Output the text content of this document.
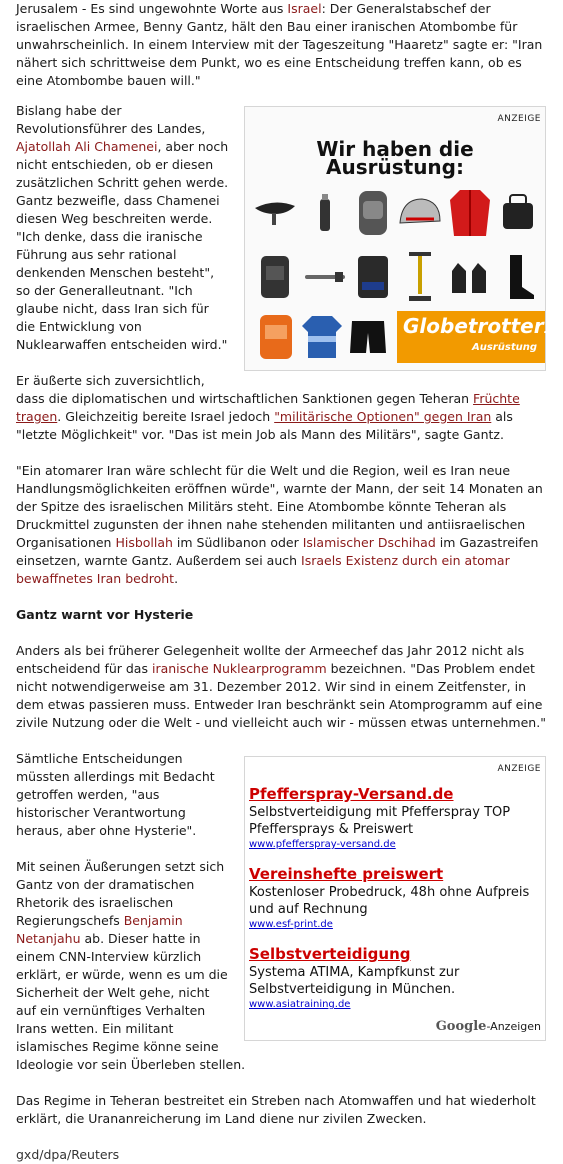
Jerusalem - Es sind ungewohnte Worte aus Israel: Der Generalstabschef der israelischen Armee, Benny Gantz, hält den Bau einer iranischen Atombombe für unwahrscheinlich. In einem Interview mit der Tageszeitung "Haaretz" sagte er: "Iran nähert sich schrittweise dem Punkt, wo es eine Entscheidung treffen kann, ob es eine Atombombe bauen will."

ANZEIGE
Wir haben die Ausrüstung:
Globetrotter.de
Ausrüstung

Bislang habe der Revolutionsführer des Landes, Ajatollah Ali Chamenei, aber noch nicht entschieden, ob er diesen zusätzlichen Schritt gehen werde. Gantz bezweifle, dass Chamenei diesen Weg beschreiten werde. "Ich denke, dass die iranische Führung aus sehr rational denkenden Menschen besteht", so der Generalleutnant. "Ich glaube nicht, dass Iran sich für die Entwicklung von Nuklearwaffen entscheiden wird."

Er äußerte sich zuversichtlich, dass die diplomatischen und wirtschaftlichen Sanktionen gegen Teheran Früchte tragen. Gleichzeitig bereite Israel jedoch "militärische Optionen" gegen Iran als "letzte Möglichkeit" vor. "Das ist mein Job als Mann des Militärs", sagte Gantz.

"Ein atomarer Iran wäre schlecht für die Welt und die Region, weil es Iran neue Handlungsmöglichkeiten eröffnen würde", warnte der Mann, der seit 14 Monaten an der Spitze des israelischen Militärs steht. Eine Atombombe könnte Teheran als Druckmittel zugunsten der ihnen nahe stehenden militanten und antiisraelischen Organisationen Hisbollah im Südlibanon oder Islamischer Dschihad im Gazastreifen einsetzen, warnte Gantz. Außerdem sei auch Israels Existenz durch ein atomar bewaffnetes Iran bedroht.

Gantz warnt vor Hysterie

Anders als bei früherer Gelegenheit wollte der Armeechef das Jahr 2012 nicht als entscheidend für das iranische Nuklearprogramm bezeichnen. "Das Problem endet nicht notwendigerweise am 31. Dezember 2012. Wir sind in einem Zeitfenster, in dem etwas passieren muss. Entweder Iran beschränkt sein Atomprogramm auf eine zivile Nutzung oder die Welt - und vielleicht auch wir - müssen etwas unternehmen."

ANZEIGE
Pfefferspray-Versand.de
Selbstverteidigung mit Pfefferspray TOP Pfeffersprays & Preiswert
www.pfefferspray-versand.de
Vereinshefte preiswert
Kostenloser Probedruck, 48h ohne Aufpreis und auf Rechnung
www.esf-print.de
Selbstverteidigung
Systema ATIMA, Kampfkunst zur Selbstverteidigung in München.
www.asiatraining.de
Google-Anzeigen

Sämtliche Entscheidungen müssten allerdings mit Bedacht getroffen werden, "aus historischer Verantwortung heraus, aber ohne Hysterie".

Mit seinen Äußerungen setzt sich Gantz von der dramatischen Rhetorik des israelischen Regierungschefs Benjamin Netanjahu ab. Dieser hatte in einem CNN-Interview kürzlich erklärt, er würde, wenn es um die Sicherheit der Welt gehe, nicht auf ein vernünftiges Verhalten Irans wetten. Ein militant islamisches Regime könne seine Ideologie vor sein Überleben stellen.

Das Regime in Teheran bestreitet ein Streben nach Atomwaffen und hat wiederholt erklärt, die Urananreicherung im Land diene nur zivilen Zwecken.

gxd/dpa/Reuters
